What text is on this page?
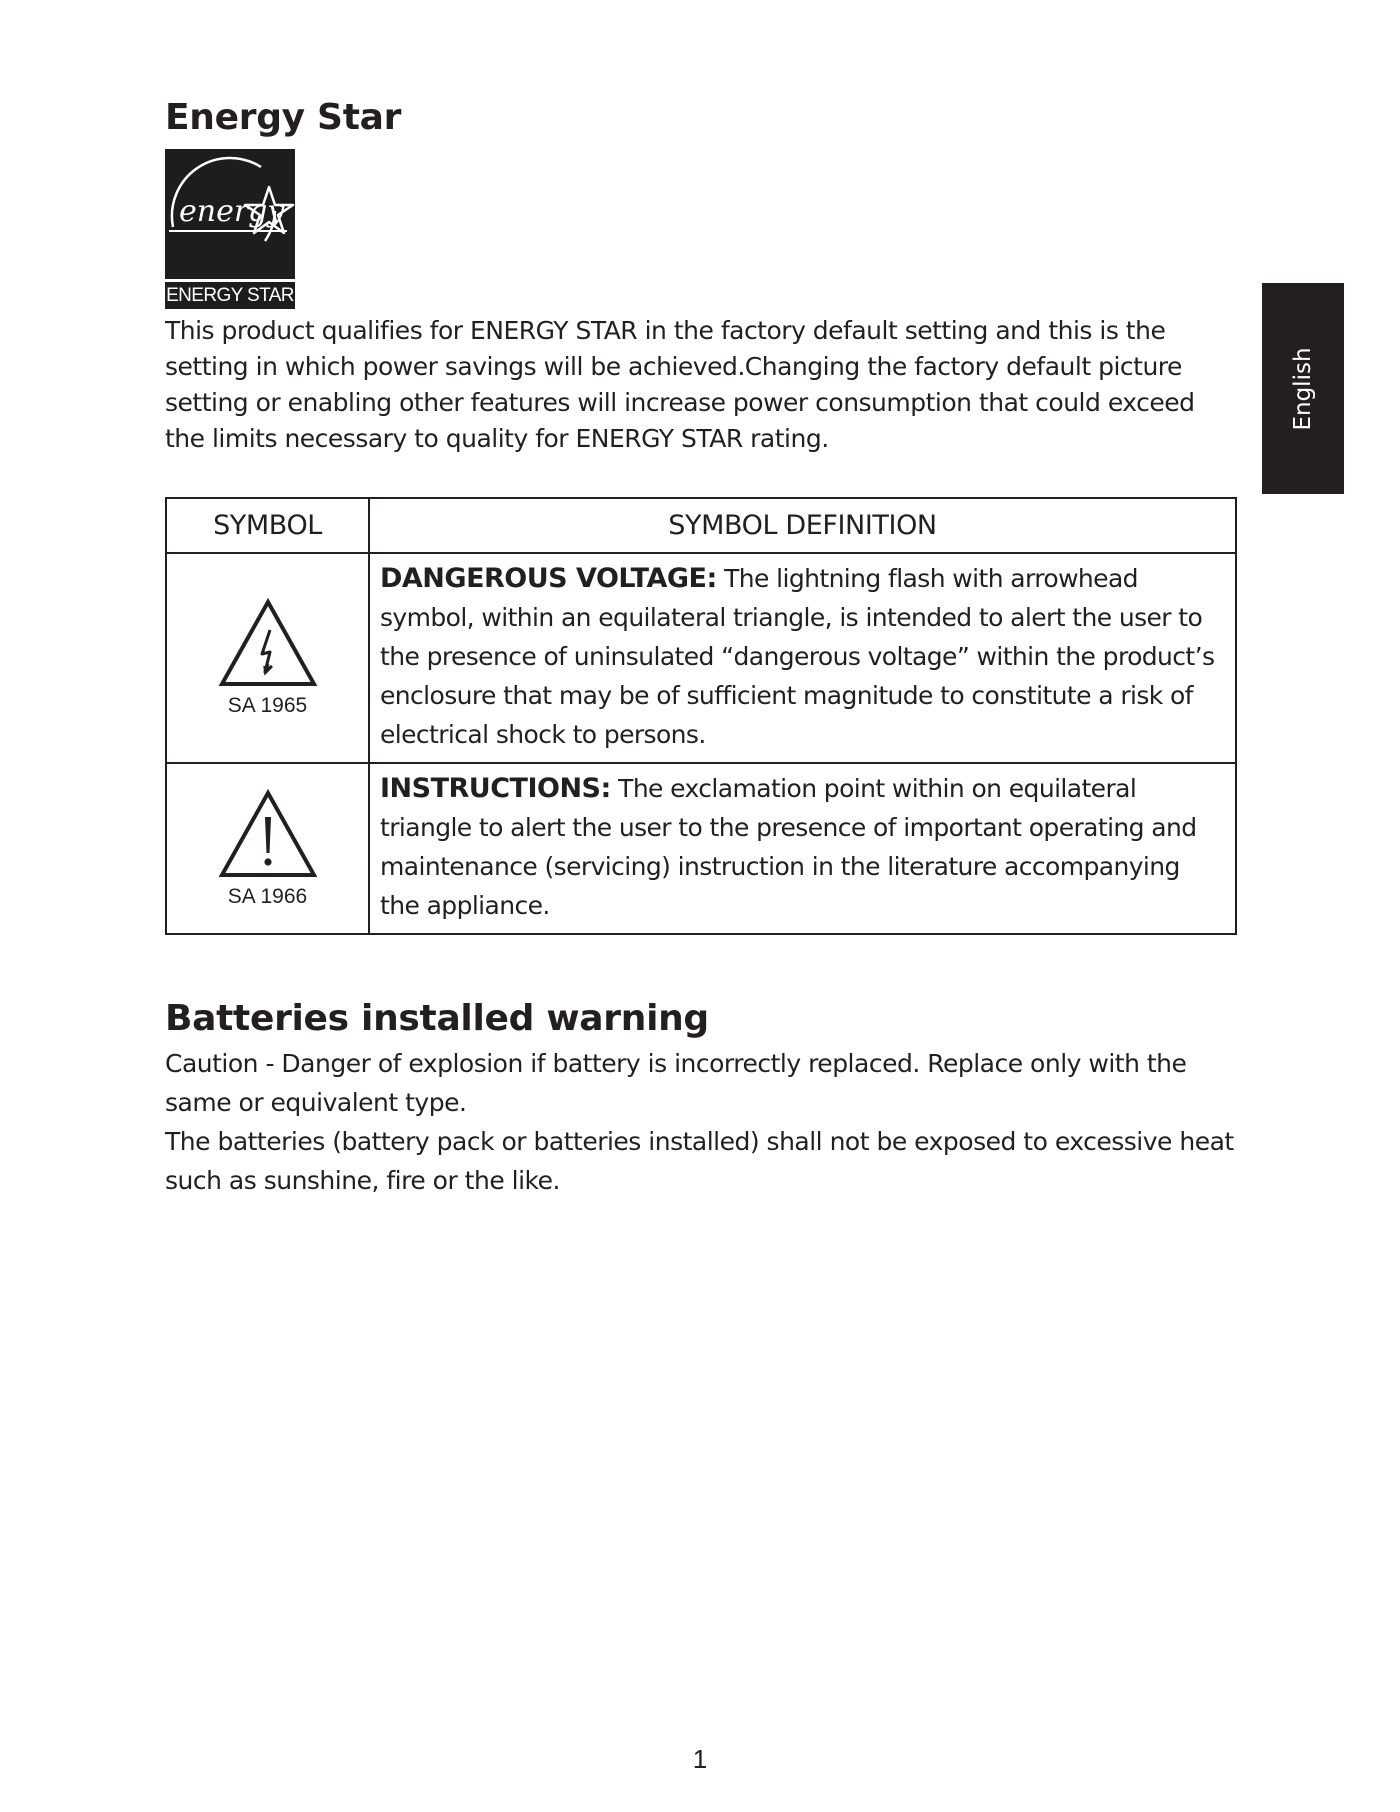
Energy Star
energy
ENERGY STAR

This product qualifies for ENERGY STAR in the factory default setting and this is the setting in which power savings will be achieved.Changing the factory default picture setting or enabling other features will increase power consumption that could exceed the limits necessary to quality for ENERGY STAR rating.

SYMBOL	SYMBOL DEFINITION

SA 1965	DANGEROUS VOLTAGE: The lightning flash with arrowhead symbol, within an equilateral triangle, is intended to alert the user to the presence of uninsulated “dangerous voltage” within the product’s enclosure that may be of sufficient magnitude to constitute a risk of electrical shock to persons.

SA 1966	INSTRUCTIONS: The exclamation point within on equilateral triangle to alert the user to the presence of important operating and maintenance (servicing) instruction in the literature accompanying the appliance.
Batteries installed warning

Caution - Danger of explosion if battery is incorrectly replaced. Replace only with the same or equivalent type.

The batteries (battery pack or batteries installed) shall not be exposed to excessive heat such as sunshine, fire or the like.

English
1
